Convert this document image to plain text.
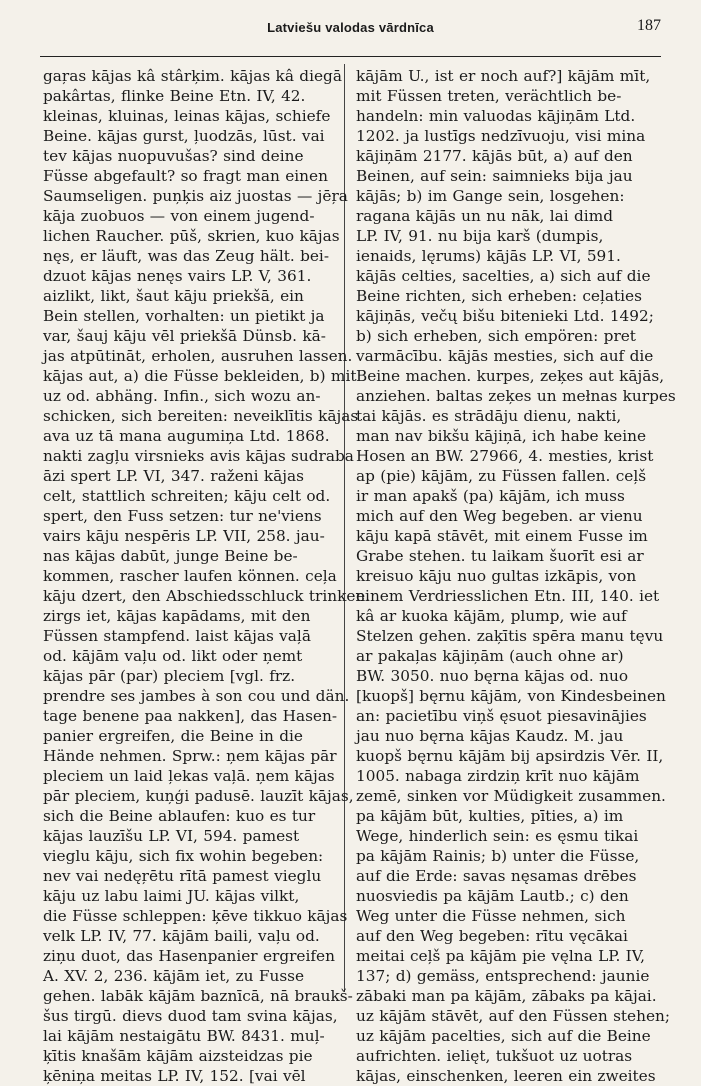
Latviešu valodas vārdnīca	187
gaŗas kājas kâ stârķim. kājas kâ diegā
pakârtas, flinke Beine Etn. IV, 42.
kleinas, kluinas, leinas kājas, schiefe
Beine. kājas gurst, ļuodzās, lūst. vai
tev kājas nuopuvušas? sind deine
Füsse abgefault? so fragt man einen
Saumseligen. puņķis aiz juostas — jēŗa
kāja zuobuos — von einem jugend-
lichen Raucher. pūš, skrien, kuo kājas
nęs, er läuft, was das Zeug hält. bei-
dzuot kājas nenęs vairs LP. V, 361.
aizlikt, likt, šaut kāju priekšā, ein
Bein stellen, vorhalten: un pietikt ja
var, šauj kāju vēl priekšā Dünsb. kā-
jas atpūtināt, erholen, ausruhen lassen.
kājas aut, a) die Füsse bekleiden, b) mit
uz od. abhäng. Infin., sich wozu an-
schicken, sich bereiten: neveiklītis kājas
ava uz tā mana augumiņa Ltd. 1868.
nakti zagļu virsnieks avis kājas sudraba
āzi spert LP. VI, 347. raženi kājas
celt, stattlich schreiten; kāju celt od.
spert, den Fuss setzen: tur ne'viens
vairs kāju nespēris LP. VII, 258. jau-
nas kājas dabūt, junge Beine be-
kommen, rascher laufen können. ceļa
kāju dzert, den Abschiedsschluck trinken.
zirgs iet, kājas kapādams, mit den
Füssen stampfend. laist kājas vaļā
od. kājām vaļu od. likt oder ņemt
kājas pār (par) pleciem [vgl. frz.
prendre ses jambes à son cou und dän.
tage benene paa nakken], das Hasen-
panier ergreifen, die Beine in die
Hände nehmen. Sprw.: ņem kājas pār
pleciem un laid ļekas vaļā. ņem kājas
pār pleciem, kuņģi padusē. lauzīt kājas,
sich die Beine ablaufen: kuo es tur
kājas lauzīšu LP. VI, 594. pamest
vieglu kāju, sich fix wohin begeben:
nev vai nedęŗētu rītā pamest vieglu
kāju uz labu laimi JU. kājas vilkt,
die Füsse schleppen: ķēve tikkuo kājas
velk LP. IV, 77. kājām baili, vaļu od.
ziņu duot, das Hasenpanier ergreifen
A. XV. 2, 236. kājām iet, zu Fusse
gehen. labāk kājām baznīcā, nā braukš-
šus tirgū. dievs duod tam svina kājas,
lai kājām nestaigātu BW. 8431. muļ-
ķītis knašām kājām aizsteidzas pie
ķēniņa meitas LP. IV, 152. [vai vēl
kājām U., ist er noch auf?] kājām mīt,
mit Füssen treten, verächtlich be-
handeln: min valuodas kājiņām Ltd.
1202. ja lustīgs nedzīvuoju, visi mina
kājiņām 2177. kājās būt, a) auf den
Beinen, auf sein: saimnieks bija jau
kājās; b) im Gange sein, losgehen:
ragana kājās un nu nāk, lai dimd
LP. IV, 91. nu bija karš (dumpis,
ienaids, lęrums) kājās LP. VI, 591.
kājās celties, sacelties, a) sich auf die
Beine richten, sich erheben: ceļaties
kājiņās, večų bišu bitenieki Ltd. 1492;
b) sich erheben, sich empören: pret
varmācību. kājās mesties, sich auf die
Beine machen. kurpes, zeķes aut kājās,
anziehen. baltas zeķes un mełnas kurpes
tai kājās. es strādāju dienu, nakti,
man nav bikšu kājiņā, ich habe keine
Hosen an BW. 27966, 4. mesties, krist
ap (pie) kājām, zu Füssen fallen. ceļš
ir man apakš (pa) kājām, ich muss
mich auf den Weg begeben. ar vienu
kāju kapā stāvēt, mit einem Fusse im
Grabe stehen. tu laikam šuorīt esi ar
kreisuo kāju nuo gultas izkāpis, von
einem Verdriesslichen Etn. III, 140. iet
kâ ar kuoka kājām, plump, wie auf
Stelzen gehen. zaķītis spēra manu tęvu
ar pakaļas kājiņām (auch ohne ar)
BW. 3050. nuo bęrna kājas od. nuo
[kuopš] bęrnu kājām, von Kindesbeinen
an: pacietību viņš ęsuot piesavinājies
jau nuo bęrna kājas Kaudz. M. jau
kuopš bęrnu kājām bij apsirdzis Vēr. II,
1005. nabaga zirdziņ krīt nuo kājām
zemē, sinken vor Müdigkeit zusammen.
pa kājām būt, kulties, pīties, a) im
Wege, hinderlich sein: es ęsmu tikai
pa kājām Rainis; b) unter die Füsse,
auf die Erde: savas nęsamas drēbes
nuosviedis pa kājām Lautb.; c) den
Weg unter die Füsse nehmen, sich
auf den Weg begeben: rītu vęcākai
meitai ceļš pa kājām pie vęlna LP. IV,
137; d) gemäss, entsprechend: jaunie
zābaki man pa kājām, zābaks pa kājai.
uz kājām stāvēt, auf den Füssen stehen;
uz kājām pacelties, sich auf die Beine
aufrichten. ielięt, tukšuot uz uotras
kājas, einschenken, leeren ein zweites
